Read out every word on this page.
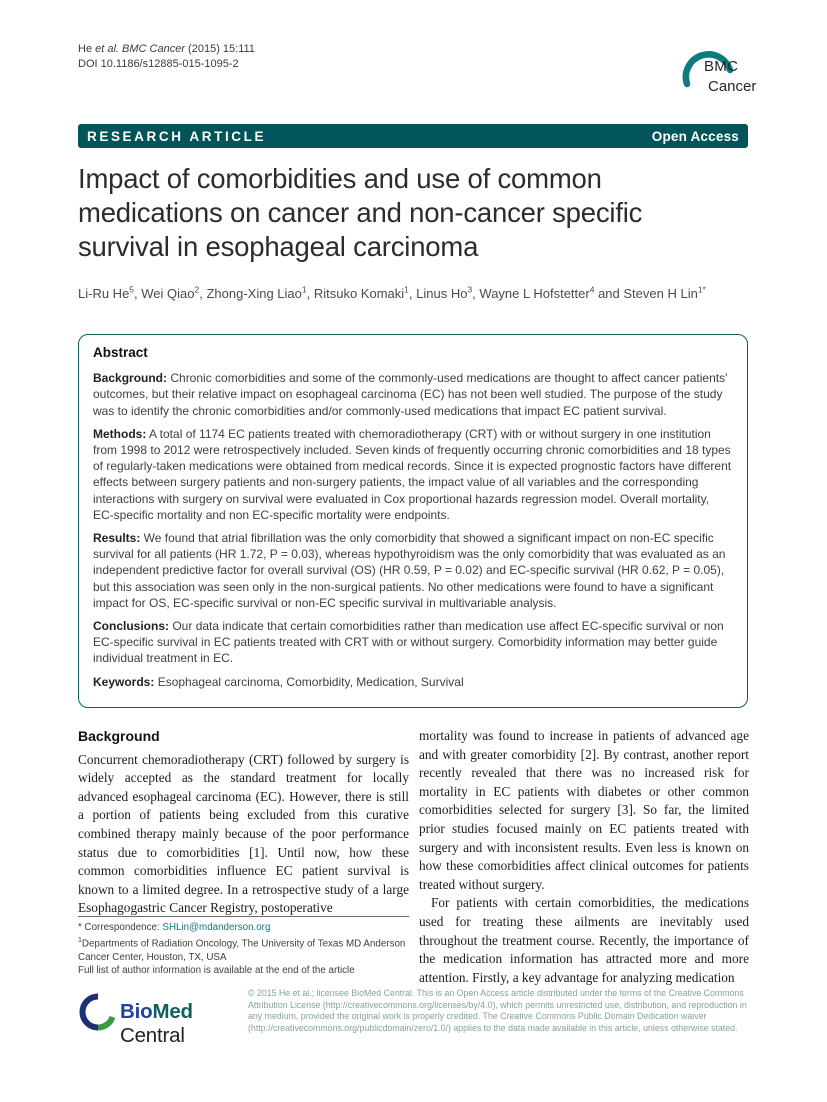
He et al. BMC Cancer (2015) 15:111
DOI 10.1186/s12885-015-1095-2	BMC
Cancer
RESEARCH ARTICLE	Open Access
Impact of comorbidities and use of common medications on cancer and non-cancer specific survival in esophageal carcinoma
Li-Ru He$^5$, Wei Qiao$^2$, Zhong-Xing Liao$^1$, Ritsuko Komaki$^1$, Linus Ho$^3$, Wayne L Hofstetter$^4$ and Steven H Lin$^{1*}$
Abstract

Background: Chronic comorbidities and some of the commonly-used medications are thought to affect cancer patients' outcomes, but their relative impact on esophageal carcinoma (EC) has not been well studied. The purpose of the study was to identify the chronic comorbidities and/or commonly-used medications that impact EC patient survival.

Methods: A total of 1174 EC patients treated with chemoradiotherapy (CRT) with or without surgery in one institution from 1998 to 2012 were retrospectively included. Seven kinds of frequently occurring chronic comorbidities and 18 types of regularly-taken medications were obtained from medical records. Since it is expected prognostic factors have different effects between surgery patients and non-surgery patients, the impact value of all variables and the corresponding interactions with surgery on survival were evaluated in Cox proportional hazards regression model. Overall mortality, EC-specific mortality and non EC-specific mortality were endpoints.

Results: We found that atrial fibrillation was the only comorbidity that showed a significant impact on non-EC specific survival for all patients (HR 1.72, P = 0.03), whereas hypothyroidism was the only comorbidity that was evaluated as an independent predictive factor for overall survival (OS) (HR 0.59, P = 0.02) and EC-specific survival (HR 0.62, P = 0.05), but this association was seen only in the non-surgical patients. No other medications were found to have a significant impact for OS, EC-specific survival or non-EC specific survival in multivariable analysis.

Conclusions: Our data indicate that certain comorbidities rather than medication use affect EC-specific survival or non EC-specific survival in EC patients treated with CRT with or without surgery. Comorbidity information may better guide individual treatment in EC.

Keywords: Esophageal carcinoma, Comorbidity, Medication, Survival

Background

Concurrent chemoradiotherapy (CRT) followed by surgery is widely accepted as the standard treatment for locally advanced esophageal carcinoma (EC). However, there is still a portion of patients being excluded from this curative combined therapy mainly because of the poor performance status due to comorbidities [1]. Until now, how these common comorbidities influence EC patient survival is known to a limited degree. In a retrospective study of a large Esophagogastric Cancer Registry, postoperative

mortality was found to increase in patients of advanced age and with greater comorbidity [2]. By contrast, another report recently revealed that there was no increased risk for mortality in EC patients with diabetes or other common comorbidities selected for surgery [3]. So far, the limited prior studies focused mainly on EC patients treated with surgery and with inconsistent results. Even less is known on how these comorbidities affect clinical outcomes for patients treated without surgery.

For patients with certain comorbidities, the medications used for treating these ailments are inevitably used throughout the treatment course. Recently, the importance of the medication information has attracted more and more attention. Firstly, a key advantage for analyzing medication

* Correspondence: SHLin@mdanderson.org
$^1$Departments of Radiation Oncology, The University of Texas MD Anderson Cancer Center, Houston, TX, USA
Full list of author information is available at the end of the article
BioMed Central
© 2015 He et al.; licensee BioMed Central. This is an Open Access article distributed under the terms of the Creative Commons Attribution License (http://creativecommons.org/licenses/by/4.0), which permits unrestricted use, distribution, and reproduction in any medium, provided the original work is properly credited. The Creative Commons Public Domain Dedication waiver (http://creativecommons.org/publicdomain/zero/1.0/) applies to the data made available in this article, unless otherwise stated.
